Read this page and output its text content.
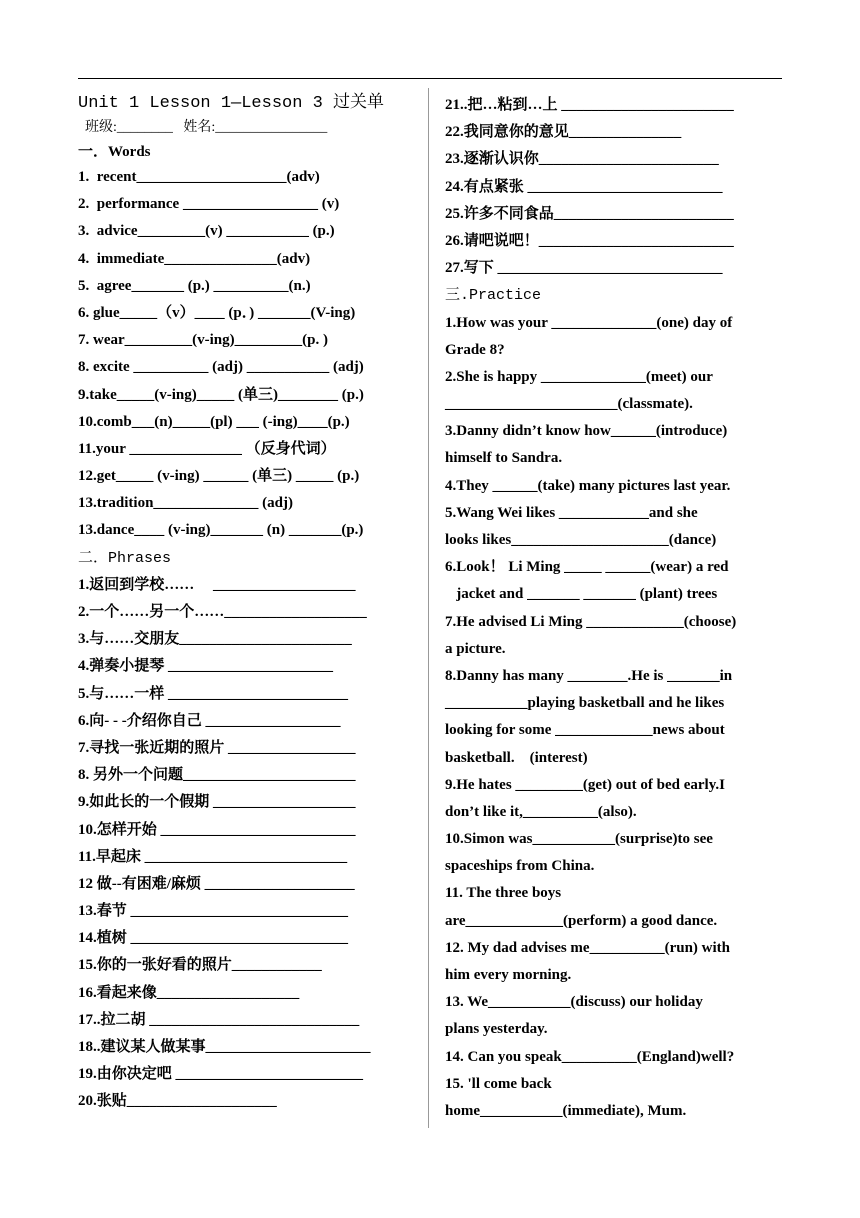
Unit 1 Lesson 1—Lesson 3 过关单
班级:________   姓名:________________
一．Words
1.  recent____________________(adv)
2.  performance __________________ (v)
3.  advice_________(v) ___________ (p.)
4.  immediate_______________(adv)
5.  agree_______ (p.) __________(n.)
6. glue_____（v）____ (p．) _______(V-ing)
7. wear_________(v-ing)_________(p. )
8. excite __________ (adj) ___________ (adj)
9.take_____(v-ing)_____ (单三)________ (p.)
10.comb___(n)_____(pl) ___ (-ing)____(p.)
11.your _______________ （反身代词）
12.get_____ (v-ing) ______ (单三) _____ (p.)
13.tradition______________ (adj)
13.dance____ (v-ing)_______ (n) _______(p.)
二．Phrases
1.返回到学校……     ___________________
2.一个……另一个……___________________
3.与……交朋友_______________________
4.弹奏小提琴 ______________________
5.与……一样 ________________________
6.向- - -介绍你自己 __________________
7.寻找一张近期的照片 _________________
8. 另外一个问题_______________________
9.如此长的一个假期 ___________________
10.怎样开始 __________________________
11.早起床 ___________________________
12 做--有困难/麻烦 ____________________
13.春节 _____________________________
14.植树 _____________________________
15.你的一张好看的照片____________
16.看起来像___________________
17..拉二胡 ____________________________
18..建议某人做某事______________________
19.由你决定吧 _________________________
20.张贴____________________
21..把…粘到…上 _______________________
22.我同意你的意见_______________
23.逐渐认识你________________________
24.有点紧张 __________________________
25.许多不同食品________________________
26.请吧说吧！__________________________
27.写下 ______________________________
三.Practice
1.How was your ______________(one) day of
Grade 8?
2.She is happy ______________(meet) our
_______________________(classmate).
3.Danny didn’t know how______(introduce)
himself to Sandra.
4.They ______(take) many pictures last year.
5.Wang Wei likes ____________and she
looks likes_____________________(dance)
6.Look！ Li Ming _____ ______(wear) a red
jacket and _______ _______ (plant) trees
7.He advised Li Ming _____________(choose)
a picture.
8.Danny has many ________.He is _______in
___________playing basketball and he likes
looking for some _____________news about
basketball.    (interest)
9.He hates _________(get) out of bed early.I
don’t like it,__________(also).
10.Simon was___________(surprise)to see
spaceships from China.
11. The three boys
are_____________(perform) a good dance.
12. My dad advises me__________(run) with
him every morning.
13. We___________(discuss) our holiday
plans yesterday.
14. Can you speak__________(England)well?
15. 'll come back
home___________(immediate), Mum.
